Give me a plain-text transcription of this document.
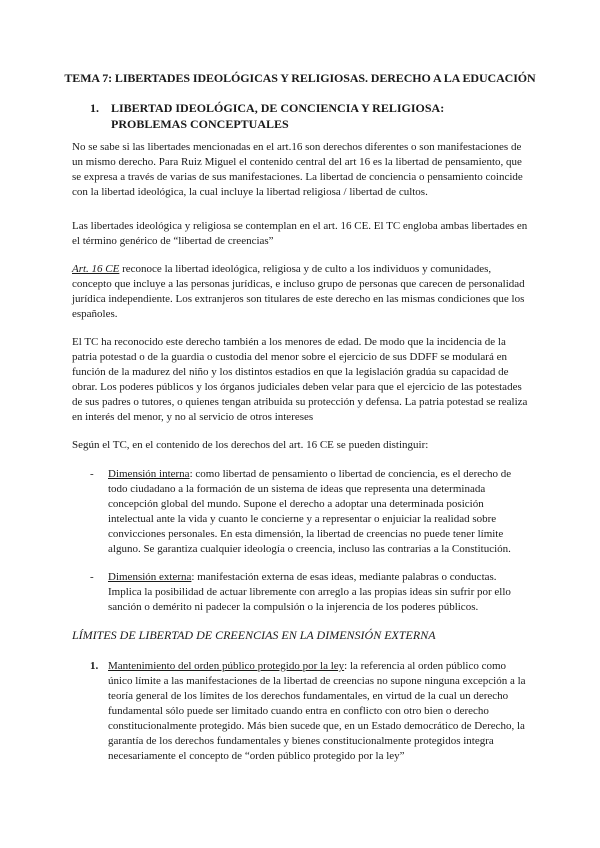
TEMA 7: LIBERTADES IDEOLÓGICAS Y RELIGIOSAS. DERECHO A LA EDUCACIÓN
1. LIBERTAD IDEOLÓGICA, DE CONCIENCIA Y RELIGIOSA: PROBLEMAS CONCEPTUALES

No se sabe si las libertades mencionadas en el art.16 son derechos diferentes o son manifestaciones de un mismo derecho. Para Ruiz Miguel el contenido central del art 16 es la libertad de pensamiento, que se expresa a través de varias de sus manifestaciones. La libertad de conciencia o pensamiento coincide con la libertad ideológica, la cual incluye la libertad religiosa / libertad de cultos.

Las libertades ideológica y religiosa se contemplan en el art. 16 CE. El TC engloba ambas libertades en el término genérico de “libertad de creencias”

Art. 16 CE reconoce la libertad ideológica, religiosa y de culto a los individuos y comunidades, concepto que incluye a las personas jurídicas, e incluso grupo de personas que carecen de personalidad jurídica independiente. Los extranjeros son titulares de este derecho en las mismas condiciones que los españoles.

El TC ha reconocido este derecho también a los menores de edad. De modo que la incidencia de la patria potestad o de la guardia o custodia del menor sobre el ejercicio de sus DDFF se modulará en función de la madurez del niño y los distintos estadios en que la legislación gradúa su capacidad de obrar. Los poderes públicos y los órganos judiciales deben velar para que el ejercicio de las potestades de sus padres o tutores, o quienes tengan atribuida su protección y defensa. La patria potestad se realiza en interés del menor, y no al servicio de otros intereses

Según el TC, en el contenido de los derechos del art. 16 CE se pueden distinguir:

- Dimensión interna: como libertad de pensamiento o libertad de conciencia, es el derecho de todo ciudadano a la formación de un sistema de ideas que representa una determinada concepción global del mundo. Supone el derecho a adoptar una determinada posición intelectual ante la vida y cuanto le concierne y a representar o enjuiciar la realidad sobre convicciones personales. En esta dimensión, la libertad de creencias no puede tener límite alguno. Se garantiza cualquier ideología o creencia, incluso las contrarias a la Constitución.
- Dimensión externa: manifestación externa de esas ideas, mediante palabras o conductas. Implica la posibilidad de actuar libremente con arreglo a las propias ideas sin sufrir por ello sanción o demérito ni padecer la compulsión o la injerencia de los poderes públicos.
LÍMITES DE LIBERTAD DE CREENCIAS EN LA DIMENSIÓN EXTERNA
1. Mantenimiento del orden público protegido por la ley: la referencia al orden público como único límite a las manifestaciones de la libertad de creencias no supone ninguna excepción a la teoría general de los límites de los derechos fundamentales, en virtud de la cual un derecho fundamental sólo puede ser limitado cuando entra en conflicto con otro bien o derecho constitucionalmente protegido. Más bien sucede que, en un Estado democrático de Derecho, la garantía de los derechos fundamentales y bienes constitucionalmente protegidos integra necesariamente el concepto de “orden público protegido por la ley”
